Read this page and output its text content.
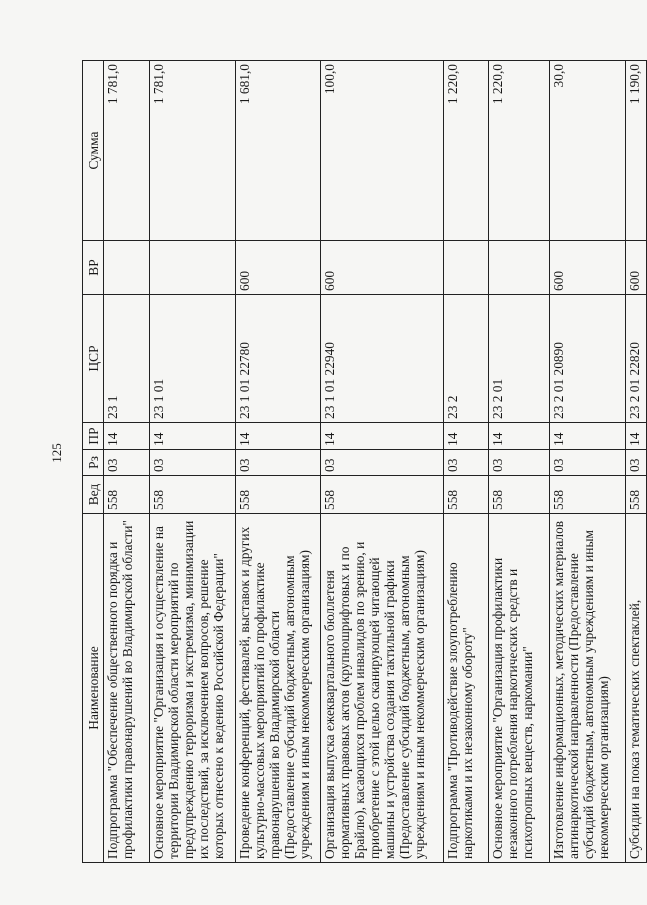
125
Наименование	Вед	Рз	ПР	ЦСР	ВР	Сумма
Подпрограмма "Обеспечение общественного порядка и профилактики правонарушений во Владимирской области"	558	03	14	23 1		1 781,0
Основное мероприятие "Организация и осуществление на территории Владимирской области мероприятий по предупреждению терроризма и экстремизма, минимизации их последствий, за исключением вопросов, решение которых отнесено к ведению Российской Федерации"	558	03	14	23 1 01		1 781,0
Проведение конференций, фестивалей, выставок и других культурно-массовых мероприятий по профилактике правонарушений во Владимирской области (Предоставление субсидий бюджетным, автономным учреждениям и иным некоммерческим организациям)	558	03	14	23 1 01 22780	600	1 681,0
Организация выпуска ежеквартального бюллетеня нормативных правовых актов (крупношрифтовых и по Брайлю), касающихся проблем инвалидов по зрению, и приобретение с этой целью сканирующей читающей машины и устройства создания тактильной графики (Предоставление субсидий бюджетным, автономным учреждениям и иным некоммерческим организациям)	558	03	14	23 1 01 22940	600	100,0
Подпрограмма "Противодействие злоупотреблению наркотиками и их незаконному обороту"	558	03	14	23 2		1 220,0
Основное мероприятие "Организация профилактики незаконного потребления наркотических средств и психотропных веществ, наркомании"	558	03	14	23 2 01		1 220,0
Изготовление информационных, методических материалов антинаркотической направленности (Предоставление субсидий бюджетным, автономным учреждениям и иным некоммерческим организациям)	558	03	14	23 2 01 20890	600	30,0
Субсидии на показ тематических спектаклей,	558	03	14	23 2 01 22820	600	1 190,0
